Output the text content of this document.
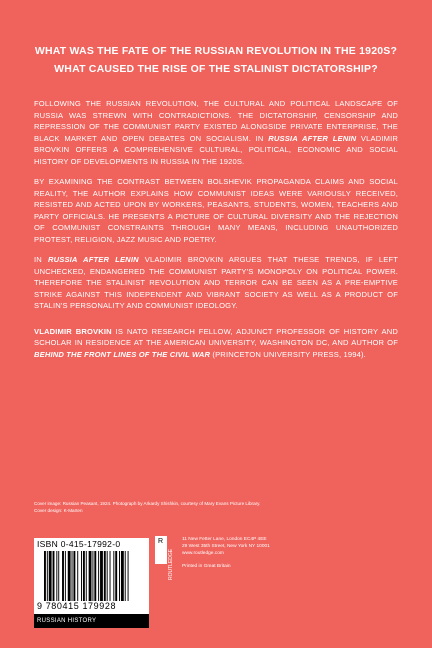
WHAT WAS THE FATE OF THE RUSSIAN REVOLUTION IN THE 1920S?
WHAT CAUSED THE RISE OF THE STALINIST DICTATORSHIP?

FOLLOWING THE RUSSIAN REVOLUTION, THE CULTURAL AND POLITICAL LANDSCAPE OF RUSSIA WAS STREWN WITH CONTRADICTIONS. THE DICTATORSHIP, CENSORSHIP AND REPRESSION OF THE COMMUNIST PARTY EXISTED ALONGSIDE PRIVATE ENTERPRISE, THE BLACK MARKET AND OPEN DEBATES ON SOCIALISM. IN RUSSIA AFTER LENIN VLADIMIR BROVKIN OFFERS A COMPREHENSIVE CULTURAL, POLITICAL, ECONOMIC AND SOCIAL HISTORY OF DEVELOPMENTS IN RUSSIA IN THE 1920S.

BY EXAMINING THE CONTRAST BETWEEN BOLSHEVIK PROPAGANDA CLAIMS AND SOCIAL REALITY, THE AUTHOR EXPLAINS HOW COMMUNIST IDEAS WERE VARIOUSLY RECEIVED, RESISTED AND ACTED UPON BY WORKERS, PEASANTS, STUDENTS, WOMEN, TEACHERS AND PARTY OFFICIALS. HE PRESENTS A PICTURE OF CULTURAL DIVERSITY AND THE REJECTION OF COMMUNIST CONSTRAINTS THROUGH MANY MEANS, INCLUDING UNAUTHORIZED PROTEST, RELIGION, JAZZ MUSIC AND POETRY.

IN RUSSIA AFTER LENIN VLADIMIR BROVKIN ARGUES THAT THESE TRENDS, IF LEFT UNCHECKED, ENDANGERED THE COMMUNIST PARTY'S MONOPOLY ON POLITICAL POWER. THEREFORE THE STALINIST REVOLUTION AND TERROR CAN BE SEEN AS A PRE-EMPTIVE STRIKE AGAINST THIS INDEPENDENT AND VIBRANT SOCIETY AS WELL AS A PRODUCT OF STALIN'S PERSONALITY AND COMMUNIST IDEOLOGY.

VLADIMIR BROVKIN IS NATO RESEARCH FELLOW, ADJUNCT PROFESSOR OF HISTORY AND SCHOLAR IN RESIDENCE AT THE AMERICAN UNIVERSITY, WASHINGTON DC, AND AUTHOR OF BEHIND THE FRONT LINES OF THE CIVIL WAR (PRINCETON UNIVERSITY PRESS, 1994).

Cover image: Russian Peasant, 1924. Photograph by Arkardy Shishkin, courtesy of Mary Evans Picture Library.
Cover design: K-Marten
ISBN 0-415-17992-0
9 780415 179928
RUSSIAN HISTORY
R
ROUTLEDGE
11 New Fetter Lane, London EC4P 4EE
29 West 35th Street, New York NY 10001
www.routledge.com
Printed in Great Britain
